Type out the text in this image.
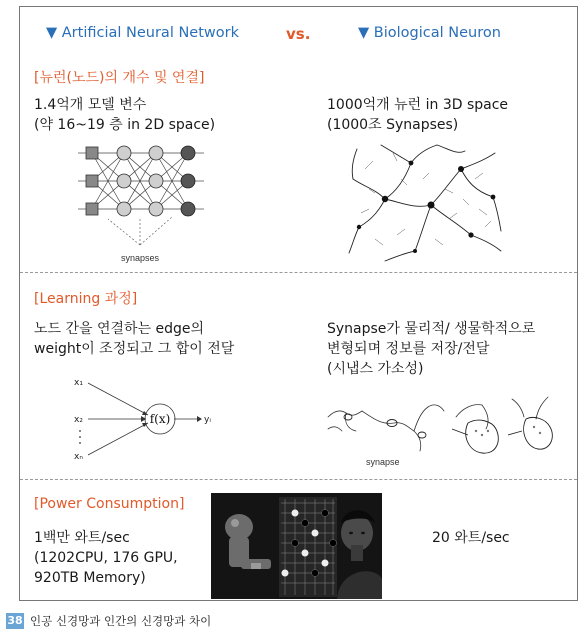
▼ Artificial Neural Network	vs.	▼ Biological Neuron
[뉴런(노드)의 개수 및 연결]
1.4억개 모델 변수
(약 16~19 층 in 2D space)
1000억개 뉴런 in 3D space
(1000조 Synapses)
synapses
[Learning 과정]
노드 간을 연결하는 edge의
weight이 조정되고 그 합이 전달
Synapse가 물리적/ 생물학적으로
변형되며 정보를 저장/전달
(시냅스 가소성)
x₁
x₂
xₙ
f(x)	yᵢ
synapse
[Power Consumption]
1백만 와트/sec
(1202CPU, 176 GPU,
920TB Memory)
20 와트/sec
38 인공 신경망과 인간의 신경망과 차이
